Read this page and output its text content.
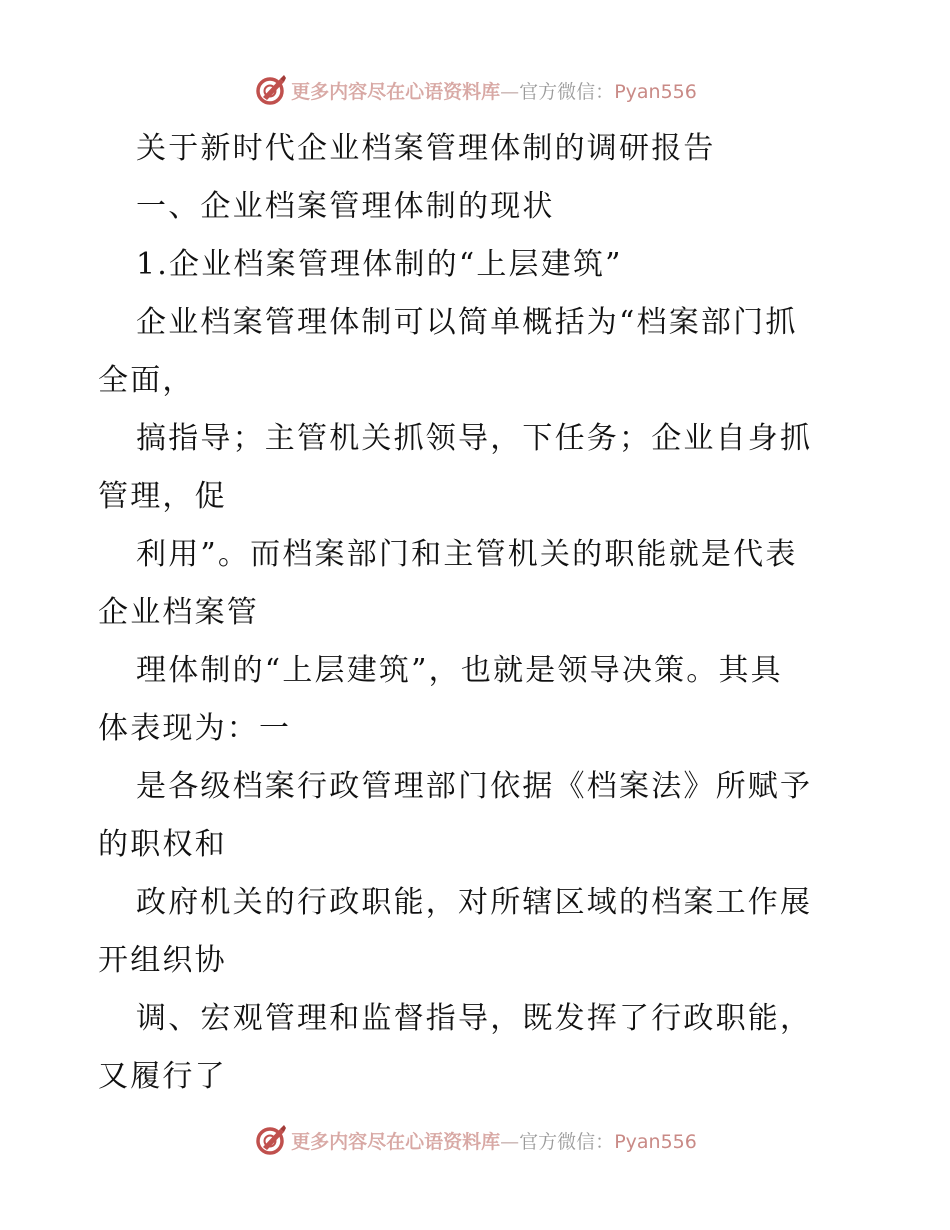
更多内容尽在心语资料库—官方微信：Pyan556
关于新时代企业档案管理体制的调研报告
一、企业档案管理体制的现状
1.企业档案管理体制的“上层建筑”
企业档案管理体制可以简单概括为“档案部门抓
全面，
搞指导；主管机关抓领导，下任务；企业自身抓
管理，促
利用”。而档案部门和主管机关的职能就是代表
企业档案管
理体制的“上层建筑”，也就是领导决策。其具
体表现为：一
是各级档案行政管理部门依据《档案法》所赋予
的职权和
政府机关的行政职能，对所辖区域的档案工作展
开组织协
调、宏观管理和监督指导，既发挥了行政职能，
又履行了
更多内容尽在心语资料库—官方微信：Pyan556
